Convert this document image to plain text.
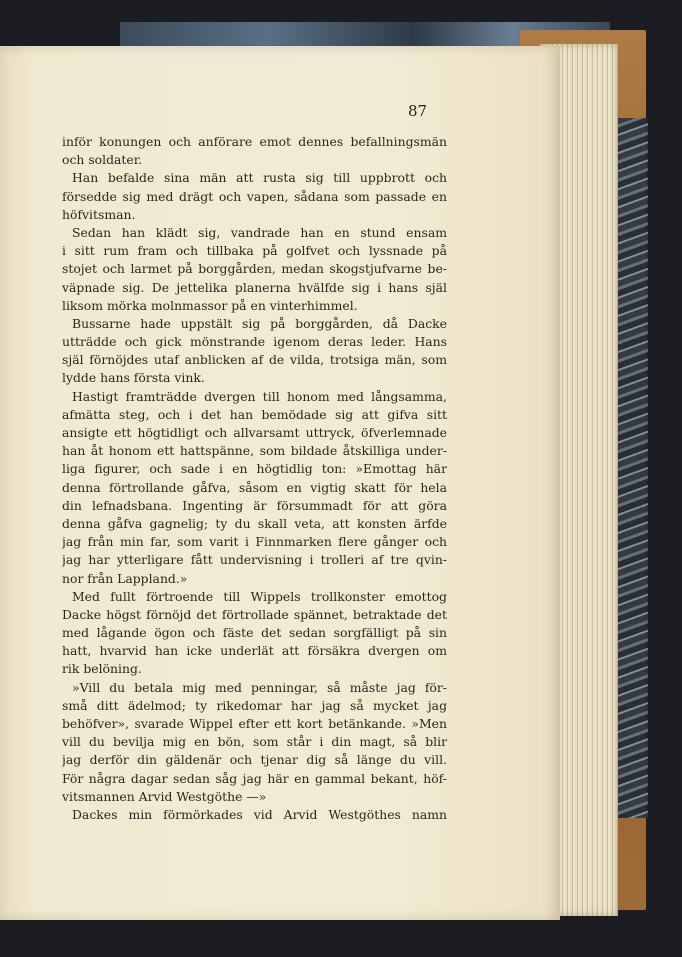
87
inför konungen och anförare emot dennes befallningsmän
och soldater.
Han befalde sina män att rusta sig till uppbrott och
försedde sig med drägt och vapen, sådana som passade en
höfvitsman.
Sedan han klädt sig, vandrade han en stund ensam
i sitt rum fram och tillbaka på golfvet och lyssnade på
stojet och larmet på borggården, medan skogstjufvarne be-
väpnade sig. De jettelika planerna hvälfde sig i hans själ
liksom mörka molnmassor på en vinterhimmel.
Bussarne hade uppstält sig på borggården, då Dacke
utträdde och gick mönstrande igenom deras leder. Hans
själ förnöjdes utaf anblicken af de vilda, trotsiga män, som
lydde hans första vink.
Hastigt framträdde dvergen till honom med långsamma,
afmätta steg, och i det han bemödade sig att gifva sitt
ansigte ett högtidligt och allvarsamt uttryck, öfverlemnade
han åt honom ett hattspänne, som bildade åtskilliga under-
liga figurer, och sade i en högtidlig ton: »Emottag här
denna förtrollande gåfva, såsom en vigtig skatt för hela
din lefnadsbana. Ingenting är försummadt för att göra
denna gåfva gagnelig; ty du skall veta, att konsten ärfde
jag från min far, som varit i Finnmarken flere gånger och
jag har ytterligare fått undervisning i trolleri af tre qvin-
nor från Lappland.»
Med fullt förtroende till Wippels trollkonster emottog
Dacke högst förnöjd det förtrollade spännet, betraktade det
med lågande ögon och fäste det sedan sorgfälligt på sin
hatt, hvarvid han icke underlät att försäkra dvergen om
rik belöning.
»Vill du betala mig med penningar, så måste jag för-
små ditt ädelmod; ty rikedomar har jag så mycket jag
behöfver», svarade Wippel efter ett kort betänkande. »Men
vill du bevilja mig en bön, som står i din magt, så blir
jag derför din gäldenär och tjenar dig så länge du vill.
För några dagar sedan såg jag här en gammal bekant, höf-
vitsmannen Arvid Westgöthe —»
Dackes min förmörkades vid Arvid Westgöthes namn
